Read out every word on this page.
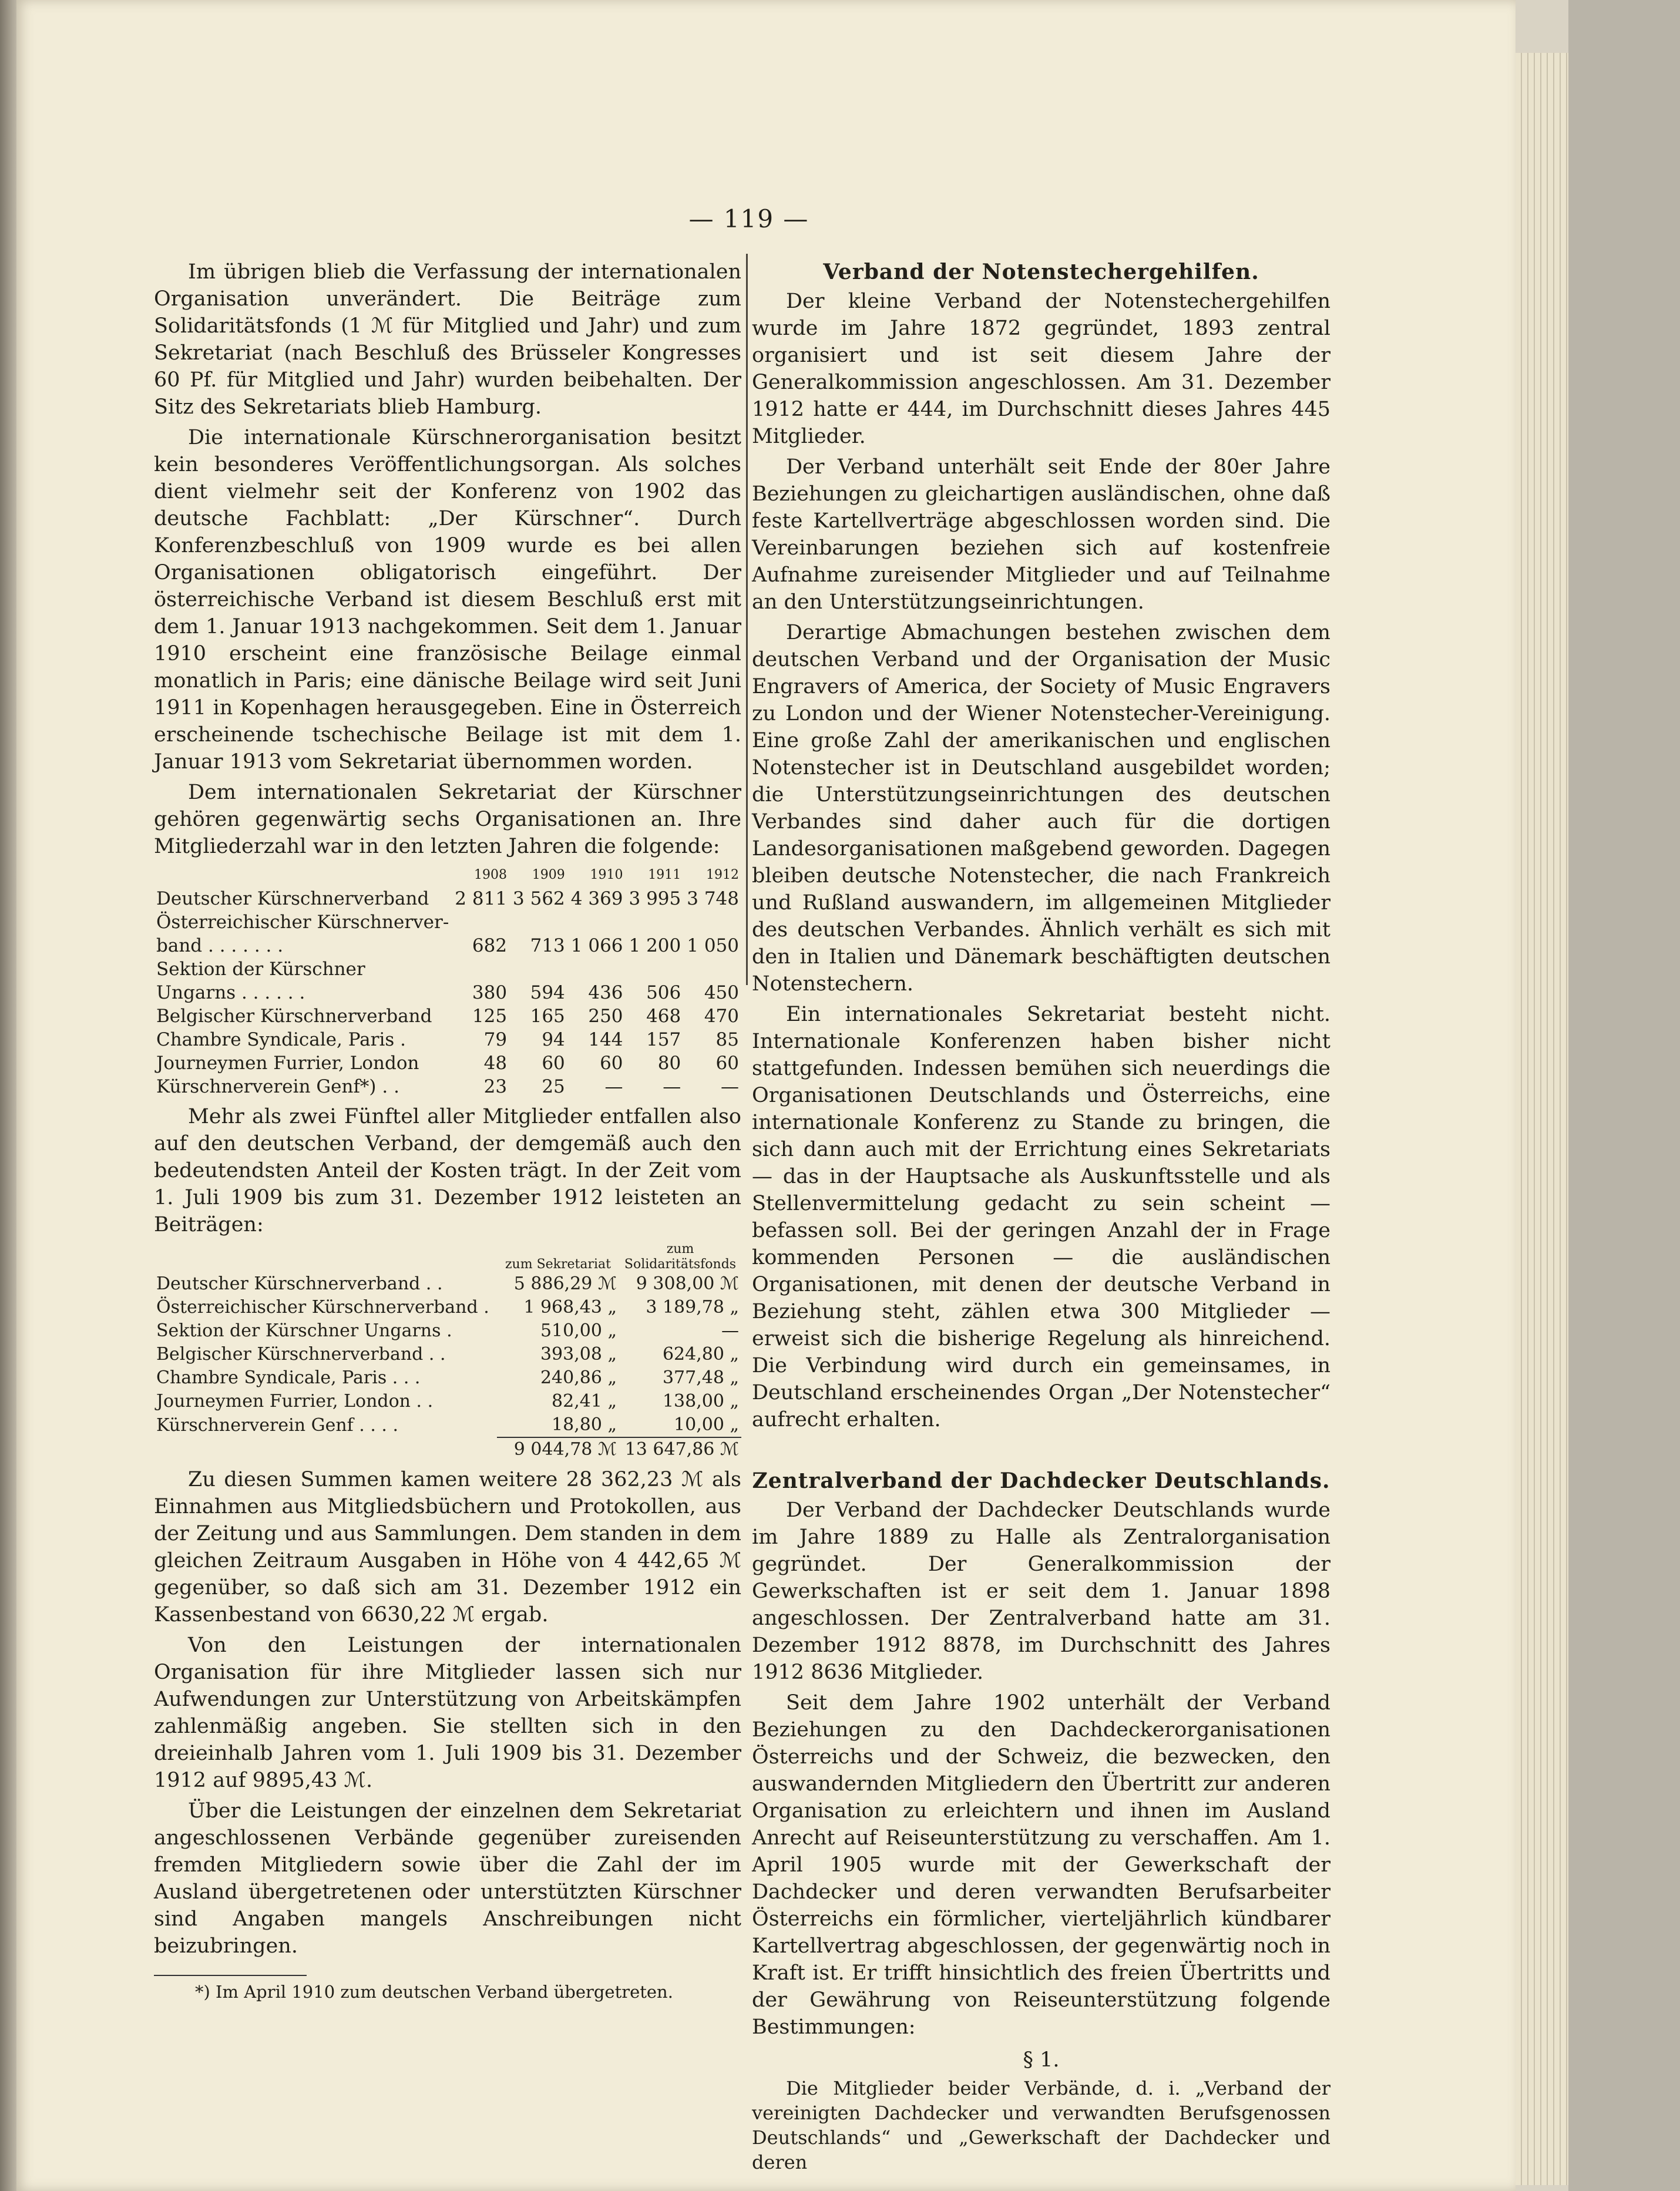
— 119 —

Im übrigen blieb die Verfassung der internationalen Organisation unverändert. Die Beiträge zum Solidaritätsfonds (1 ℳ für Mitglied und Jahr) und zum Sekretariat (nach Beschluß des Brüsseler Kongresses 60 Pf. für Mitglied und Jahr) wurden beibehalten. Der Sitz des Sekretariats blieb Hamburg.

Die internationale Kürschnerorganisation besitzt kein besonderes Veröffentlichungsorgan. Als solches dient vielmehr seit der Konferenz von 1902 das deutsche Fachblatt: „Der Kürschner“. Durch Konferenzbeschluß von 1909 wurde es bei allen Organisationen obligatorisch eingeführt. Der österreichische Verband ist diesem Beschluß erst mit dem 1. Januar 1913 nachgekommen. Seit dem 1. Januar 1910 erscheint eine französische Beilage einmal monatlich in Paris; eine dänische Beilage wird seit Juni 1911 in Kopenhagen herausgegeben. Eine in Österreich erscheinende tschechische Beilage ist mit dem 1. Januar 1913 vom Sekretariat übernommen worden.

Dem internationalen Sekretariat der Kürschner gehören gegenwärtig sechs Organisationen an. Ihre Mitgliederzahl war in den letzten Jahren die folgende:

	1908	1909	1910	1911	1912
Deutscher Kürschnerverband	2 811	3 562	4 369	3 995	3 748
Österreichischer Kürschnerver-					
band . . . . . . .	682	713	1 066	1 200	1 050
Sektion der Kürschner					
Ungarns . . . . . .	380	594	436	506	450
Belgischer Kürschnerverband	125	165	250	468	470
Chambre Syndicale, Paris .	79	94	144	157	85
Journeymen Furrier, London	48	60	60	80	60
Kürschnerverein Genf*) . .	23	25	—	—	—

Mehr als zwei Fünftel aller Mitglieder entfallen also auf den deutschen Verband, der demgemäß auch den bedeutendsten Anteil der Kosten trägt. In der Zeit vom 1. Juli 1909 bis zum 31. Dezember 1912 leisteten an Beiträgen:

	zum Sekretariat	zum Solidaritätsfonds
Deutscher Kürschnerverband . .	5 886,29 ℳ	9 308,00 ℳ
Österreichischer Kürschnerverband .	1 968,43 „	3 189,78 „
Sektion der Kürschner Ungarns .	510,00 „	—
Belgischer Kürschnerverband . .	393,08 „	624,80 „
Chambre Syndicale, Paris . . .	240,86 „	377,48 „
Journeymen Furrier, London . .	82,41 „	138,00 „
Kürschnerverein Genf . . . .	18,80 „	10,00 „
	9 044,78 ℳ	13 647,86 ℳ

Zu diesen Summen kamen weitere 28 362,23 ℳ als Einnahmen aus Mitgliedsbüchern und Protokollen, aus der Zeitung und aus Sammlungen. Dem standen in dem gleichen Zeitraum Ausgaben in Höhe von 4 442,65 ℳ gegenüber, so daß sich am 31. Dezember 1912 ein Kassenbestand von 6630,22 ℳ ergab.

Von den Leistungen der internationalen Organisation für ihre Mitglieder lassen sich nur Aufwendungen zur Unterstützung von Arbeitskämpfen zahlenmäßig angeben. Sie stellten sich in den dreieinhalb Jahren vom 1. Juli 1909 bis 31. Dezember 1912 auf 9895,43 ℳ.

Über die Leistungen der einzelnen dem Sekretariat angeschlossenen Verbände gegenüber zureisenden fremden Mitgliedern sowie über die Zahl der im Ausland übergetretenen oder unterstützten Kürschner sind Angaben mangels Anschreibungen nicht beizubringen.

*) Im April 1910 zum deutschen Verband übergetreten.

Verband der Notenstechergehilfen.

Der kleine Verband der Notenstechergehilfen wurde im Jahre 1872 gegründet, 1893 zentral organisiert und ist seit diesem Jahre der Generalkommission angeschlossen. Am 31. Dezember 1912 hatte er 444, im Durchschnitt dieses Jahres 445 Mitglieder.

Der Verband unterhält seit Ende der 80er Jahre Beziehungen zu gleichartigen ausländischen, ohne daß feste Kartellverträge abgeschlossen worden sind. Die Vereinbarungen beziehen sich auf kostenfreie Aufnahme zureisender Mitglieder und auf Teilnahme an den Unterstützungseinrichtungen.

Derartige Abmachungen bestehen zwischen dem deutschen Verband und der Organisation der Music Engravers of America, der Society of Music Engravers zu London und der Wiener Notenstecher-Vereinigung. Eine große Zahl der amerikanischen und englischen Notenstecher ist in Deutschland ausgebildet worden; die Unterstützungseinrichtungen des deutschen Verbandes sind daher auch für die dortigen Landesorganisationen maßgebend geworden. Dagegen bleiben deutsche Notenstecher, die nach Frankreich und Rußland auswandern, im allgemeinen Mitglieder des deutschen Verbandes. Ähnlich verhält es sich mit den in Italien und Dänemark beschäftigten deutschen Notenstechern.

Ein internationales Sekretariat besteht nicht. Internationale Konferenzen haben bisher nicht stattgefunden. Indessen bemühen sich neuerdings die Organisationen Deutschlands und Österreichs, eine internationale Konferenz zu Stande zu bringen, die sich dann auch mit der Errichtung eines Sekretariats — das in der Hauptsache als Auskunftsstelle und als Stellenvermittelung gedacht zu sein scheint — befassen soll. Bei der geringen Anzahl der in Frage kommenden Personen — die ausländischen Organisationen, mit denen der deutsche Verband in Beziehung steht, zählen etwa 300 Mitglieder — erweist sich die bisherige Regelung als hinreichend. Die Verbindung wird durch ein gemeinsames, in Deutschland erscheinendes Organ „Der Notenstecher“ aufrecht erhalten.

Zentralverband der Dachdecker Deutschlands.

Der Verband der Dachdecker Deutschlands wurde im Jahre 1889 zu Halle als Zentralorganisation gegründet. Der Generalkommission der Gewerkschaften ist er seit dem 1. Januar 1898 angeschlossen. Der Zentralverband hatte am 31. Dezember 1912 8878, im Durchschnitt des Jahres 1912 8636 Mitglieder.

Seit dem Jahre 1902 unterhält der Verband Beziehungen zu den Dachdeckerorganisationen Österreichs und der Schweiz, die bezwecken, den auswandernden Mitgliedern den Übertritt zur anderen Organisation zu erleichtern und ihnen im Ausland Anrecht auf Reiseunterstützung zu verschaffen. Am 1. April 1905 wurde mit der Gewerkschaft der Dachdecker und deren verwandten Berufsarbeiter Österreichs ein förmlicher, vierteljährlich kündbarer Kartellvertrag abgeschlossen, der gegenwärtig noch in Kraft ist. Er trifft hinsichtlich des freien Übertritts und der Gewährung von Reiseunterstützung folgende Bestimmungen:

§ 1.

Die Mitglieder beider Verbände, d. i. „Verband der vereinigten Dachdecker und verwandten Berufsgenossen Deutschlands“ und „Gewerkschaft der Dachdecker und deren
